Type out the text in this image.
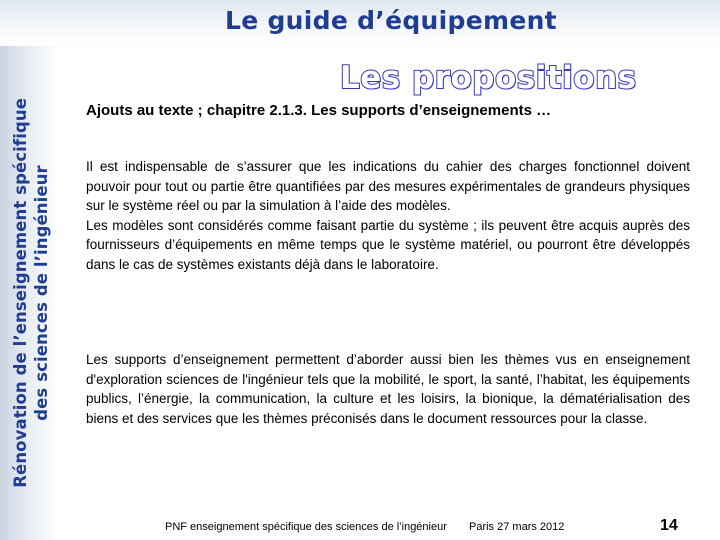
Rénovation de l’enseignement spécifique des sciences de l’ingénieur
Le guide d’équipement
Les propositions
Ajouts au texte ; chapitre 2.1.3. Les supports d’enseignements …

Il est indispensable de s’assurer que les indications du cahier des charges fonctionnel doivent pouvoir pour tout ou partie être quantifiées par des mesures expérimentales de grandeurs physiques sur le système réel ou par la simulation à l’aide des modèles.

Les modèles sont considérés comme faisant partie du système ; ils peuvent être acquis auprès des fournisseurs d’équipements en même temps que le système matériel, ou pourront être développés dans le cas de systèmes existants déjà dans le laboratoire.

Les supports d’enseignement permettent d’aborder aussi bien les thèmes vus en enseignement d'exploration sciences de l'ingénieur tels que la mobilité, le sport, la santé, l’habitat, les équipements publics, l’énergie, la communication, la culture et les loisirs, la bionique, la dématérialisation des biens et des services que les thèmes préconisés dans le document ressources pour la classe.

PNF enseignement spécifique des sciences de l’ingénieur Paris 27 mars 2012	14
